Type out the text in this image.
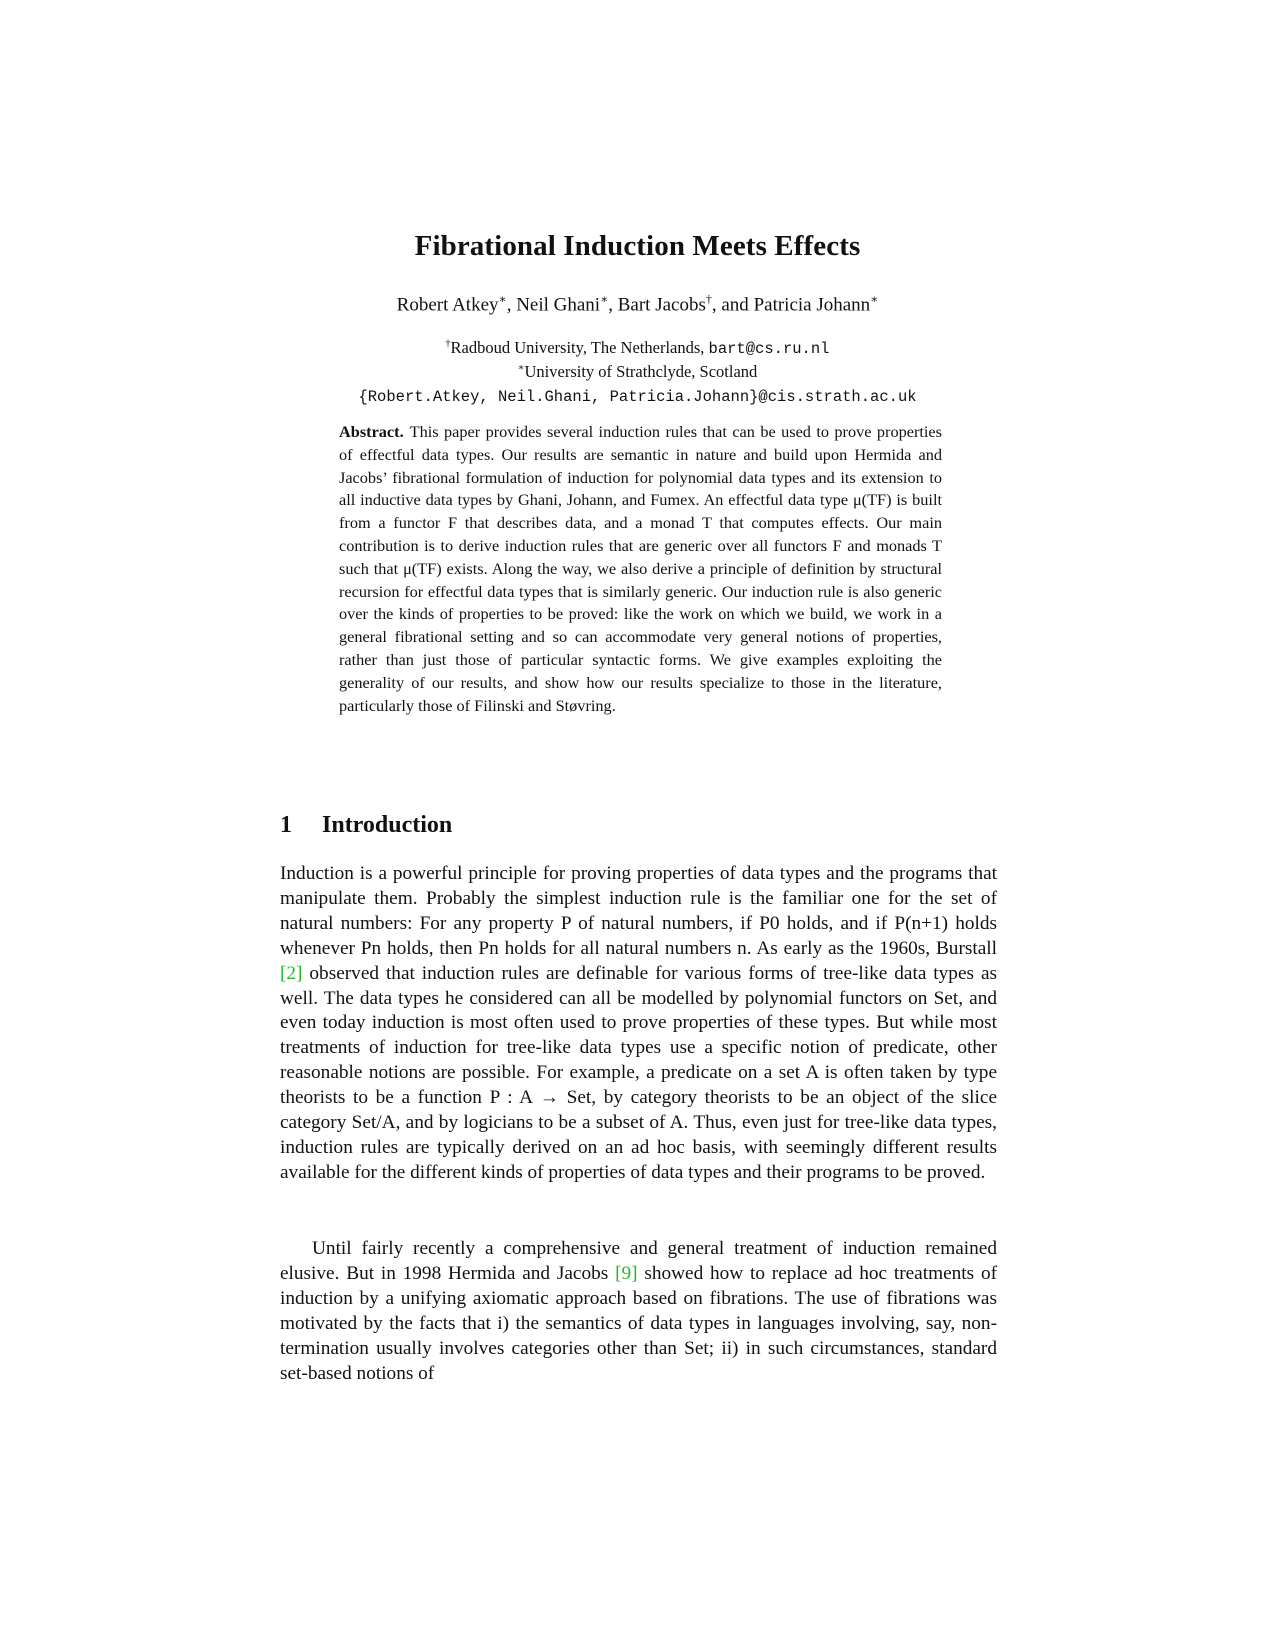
Fibrational Induction Meets Effects
Robert Atkey∗, Neil Ghani∗, Bart Jacobs†, and Patricia Johann∗
†Radboud University, The Netherlands, bart@cs.ru.nl
∗University of Strathclyde, Scotland
{Robert.Atkey, Neil.Ghani, Patricia.Johann}@cis.strath.ac.uk
Abstract. This paper provides several induction rules that can be used to prove properties of effectful data types. Our results are semantic in nature and build upon Hermida and Jacobs’ fibrational formulation of induction for polynomial data types and its extension to all inductive data types by Ghani, Johann, and Fumex. An effectful data type μ(TF) is built from a functor F that describes data, and a monad T that computes effects. Our main contribution is to derive induction rules that are generic over all functors F and monads T such that μ(TF) exists. Along the way, we also derive a principle of definition by structural recursion for effectful data types that is similarly generic. Our induction rule is also generic over the kinds of properties to be proved: like the work on which we build, we work in a general fibrational setting and so can accommodate very general notions of properties, rather than just those of particular syntactic forms. We give examples exploiting the generality of our results, and show how our results specialize to those in the literature, particularly those of Filinski and Støvring.
1 Introduction
Induction is a powerful principle for proving properties of data types and the programs that manipulate them. Probably the simplest induction rule is the familiar one for the set of natural numbers: For any property P of natural numbers, if P0 holds, and if P(n+1) holds whenever Pn holds, then Pn holds for all natural numbers n. As early as the 1960s, Burstall [2] observed that induction rules are definable for various forms of tree-like data types as well. The data types he considered can all be modelled by polynomial functors on Set, and even today induction is most often used to prove properties of these types. But while most treatments of induction for tree-like data types use a specific notion of predicate, other reasonable notions are possible. For example, a predicate on a set A is often taken by type theorists to be a function P : A → Set, by category theorists to be an object of the slice category Set/A, and by logicians to be a subset of A. Thus, even just for tree-like data types, induction rules are typically derived on an ad hoc basis, with seemingly different results available for the different kinds of properties of data types and their programs to be proved.
Until fairly recently a comprehensive and general treatment of induction remained elusive. But in 1998 Hermida and Jacobs [9] showed how to replace ad hoc treatments of induction by a unifying axiomatic approach based on fibrations. The use of fibrations was motivated by the facts that i) the semantics of data types in languages involving, say, non-termination usually involves categories other than Set; ii) in such circumstances, standard set-based notions of
